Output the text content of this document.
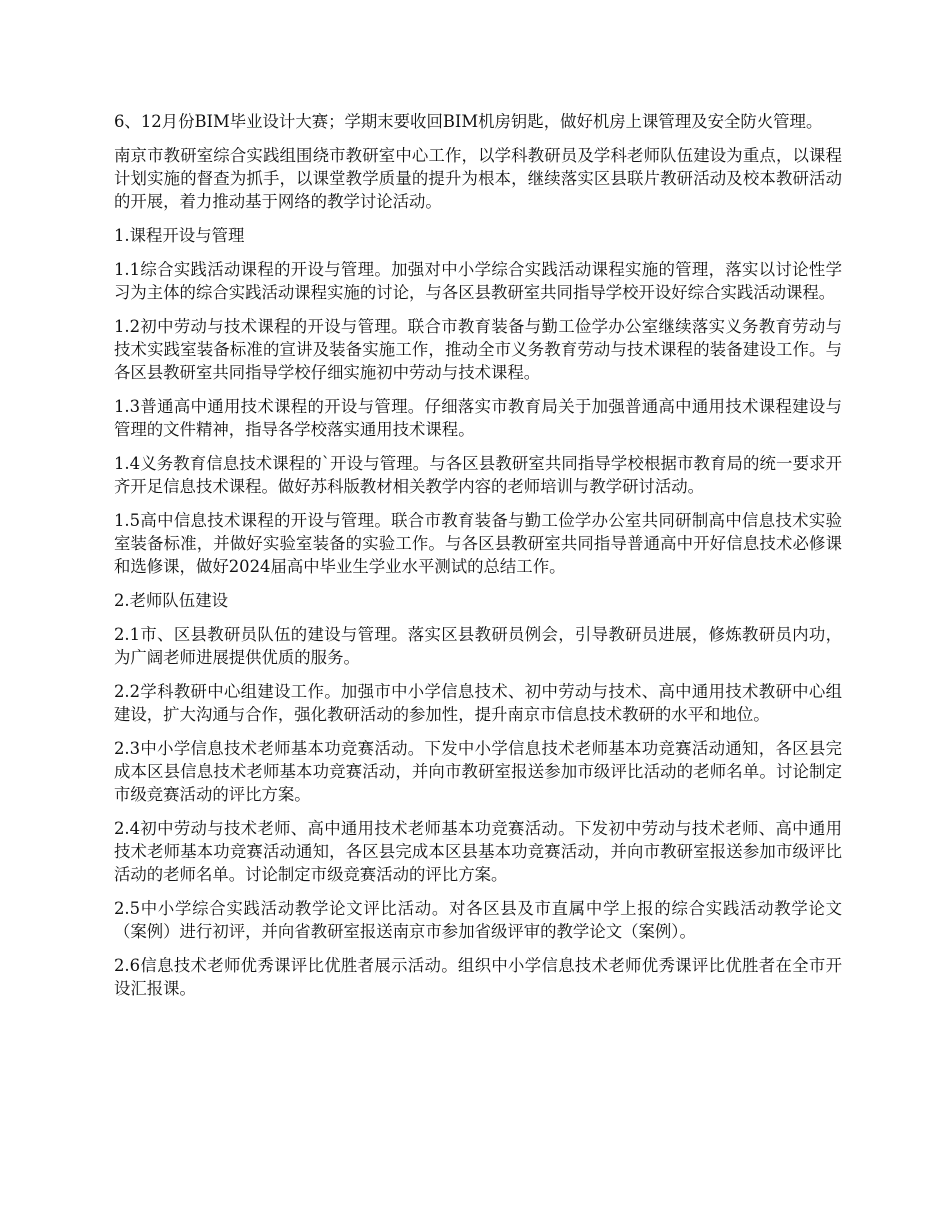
6、12月份BIM毕业设计大赛；学期末要收回BIM机房钥匙，做好机房上课管理及安全防火管理。

南京市教研室综合实践组围绕市教研室中心工作，以学科教研员及学科老师队伍建设为重点，以课程计划实施的督查为抓手，以课堂教学质量的提升为根本，继续落实区县联片教研活动及校本教研活动的开展，着力推动基于网络的教学讨论活动。

1.课程开设与管理

1.1综合实践活动课程的开设与管理。加强对中小学综合实践活动课程实施的管理，落实以讨论性学习为主体的综合实践活动课程实施的讨论，与各区县教研室共同指导学校开设好综合实践活动课程。

1.2初中劳动与技术课程的开设与管理。联合市教育装备与勤工俭学办公室继续落实义务教育劳动与技术实践室装备标准的宣讲及装备实施工作，推动全市义务教育劳动与技术课程的装备建设工作。与各区县教研室共同指导学校仔细实施初中劳动与技术课程。

1.3普通高中通用技术课程的开设与管理。仔细落实市教育局关于加强普通高中通用技术课程建设与管理的文件精神，指导各学校落实通用技术课程。

1.4义务教育信息技术课程的`开设与管理。与各区县教研室共同指导学校根据市教育局的统一要求开齐开足信息技术课程。做好苏科版教材相关教学内容的老师培训与教学研讨活动。

1.5高中信息技术课程的开设与管理。联合市教育装备与勤工俭学办公室共同研制高中信息技术实验室装备标准，并做好实验室装备的实验工作。与各区县教研室共同指导普通高中开好信息技术必修课和选修课，做好2024届高中毕业生学业水平测试的总结工作。

2.老师队伍建设

2.1市、区县教研员队伍的建设与管理。落实区县教研员例会，引导教研员进展，修炼教研员内功，为广阔老师进展提供优质的服务。

2.2学科教研中心组建设工作。加强市中小学信息技术、初中劳动与技术、高中通用技术教研中心组建设，扩大沟通与合作，强化教研活动的参加性，提升南京市信息技术教研的水平和地位。

2.3中小学信息技术老师基本功竞赛活动。下发中小学信息技术老师基本功竞赛活动通知，各区县完成本区县信息技术老师基本功竞赛活动，并向市教研室报送参加市级评比活动的老师名单。讨论制定市级竞赛活动的评比方案。

2.4初中劳动与技术老师、高中通用技术老师基本功竞赛活动。下发初中劳动与技术老师、高中通用技术老师基本功竞赛活动通知，各区县完成本区县基本功竞赛活动，并向市教研室报送参加市级评比活动的老师名单。讨论制定市级竞赛活动的评比方案。

2.5中小学综合实践活动教学论文评比活动。对各区县及市直属中学上报的综合实践活动教学论文（案例）进行初评，并向省教研室报送南京市参加省级评审的教学论文（案例）。

2.6信息技术老师优秀课评比优胜者展示活动。组织中小学信息技术老师优秀课评比优胜者在全市开设汇报课。
